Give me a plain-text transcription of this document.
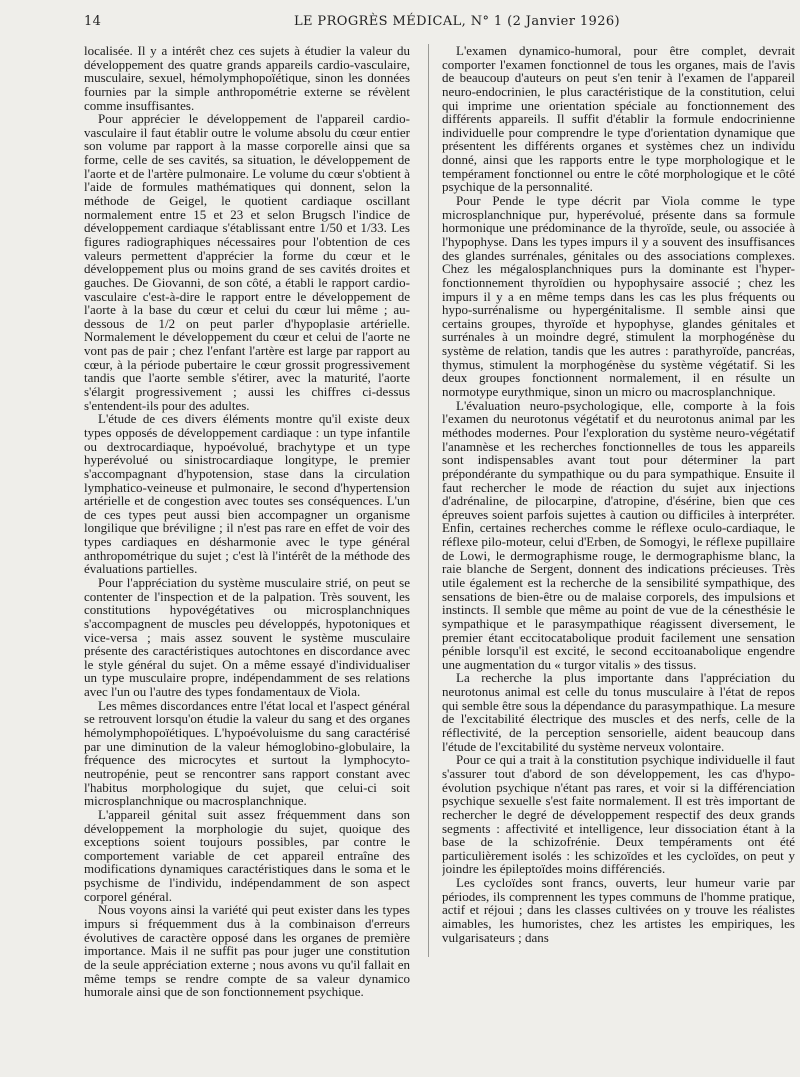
14	LE PROGRÈS MÉDICAL, N° 1 (2 Janvier 1926)

localisée. Il y a intérêt chez ces sujets à étudier la valeur du développement des quatre grands appareils cardio-vasculaire, musculaire, sexuel, hémolymphopoïétique, sinon les données fournies par la simple anthropométrie externe se révèlent comme insuffisantes.

Pour apprécier le développement de l'appareil cardio-vasculaire il faut établir outre le volume absolu du cœur entier son volume par rapport à la masse corporelle ainsi que sa forme, celle de ses cavités, sa situation, le développement de l'aorte et de l'artère pulmonaire. Le volume du cœur s'obtient à l'aide de formules mathématiques qui donnent, selon la méthode de Geigel, le quotient cardiaque oscillant normalement entre 15 et 23 et selon Brugsch l'indice de développement cardiaque s'établissant entre 1/50 et 1/33. Les figures radiographiques nécessaires pour l'obtention de ces valeurs permettent d'apprécier la forme du cœur et le développement plus ou moins grand de ses cavités droites et gauches. De Giovanni, de son côté, a établi le rapport cardio-vasculaire c'est-à-dire le rapport entre le développement de l'aorte à la base du cœur et celui du cœur lui même ; au-dessous de 1/2 on peut parler d'hypoplasie artérielle. Normalement le développement du cœur et celui de l'aorte ne vont pas de pair ; chez l'enfant l'artère est large par rapport au cœur, à la période pubertaire le cœur grossit progressivement tandis que l'aorte semble s'étirer, avec la maturité, l'aorte s'élargit progressivement ; aussi les chiffres ci-dessus s'entendent-ils pour des adultes.

L'étude de ces divers éléments montre qu'il existe deux types opposés de développement cardiaque : un type infantile ou dextrocardiaque, hypoévolué, brachytype et un type hyperévolué ou sinistrocardiaque longitype, le premier s'accompagnant d'hypotension, stase dans la circulation lymphatico-veineuse et pulmonaire, le second d'hypertension artérielle et de congestion avec toutes ses conséquences. L'un de ces types peut aussi bien accompagner un organisme longilique que bréviligne ; il n'est pas rare en effet de voir des types cardiaques en désharmonie avec le type général anthropométrique du sujet ; c'est là l'intérêt de la méthode des évaluations partielles.

Pour l'appréciation du système musculaire strié, on peut se contenter de l'inspection et de la palpation. Très souvent, les constitutions hypovégétatives ou microsplanchniques s'accompagnent de muscles peu développés, hypotoniques et vice-versa ; mais assez souvent le système musculaire présente des caractéristiques autochtones en discordance avec le style général du sujet. On a même essayé d'individualiser un type musculaire propre, indépendamment de ses relations avec l'un ou l'autre des types fondamentaux de Viola.

Les mêmes discordances entre l'état local et l'aspect général se retrouvent lorsqu'on étudie la valeur du sang et des organes hémolymphopoïétiques. L'hypoévoluisme du sang caractérisé par une diminution de la valeur hémoglobino-globulaire, la fréquence des microcytes et surtout la lymphocyto-neutropénie, peut se rencontrer sans rapport constant avec l'habitus morphologique du sujet, que celui-ci soit microsplanchnique ou macrosplanchnique.

L'appareil génital suit assez fréquemment dans son développement la morphologie du sujet, quoique des exceptions soient toujours possibles, par contre le comportement variable de cet appareil entraîne des modifications dynamiques caractéristiques dans le soma et le psychisme de l'individu, indépendamment de son aspect corporel général.

Nous voyons ainsi la variété qui peut exister dans les types impurs si fréquemment dus à la combinaison d'erreurs évolutives de caractère opposé dans les organes de première importance. Mais il ne suffit pas pour juger une constitution de la seule appréciation externe ; nous avons vu qu'il fallait en même temps se rendre compte de sa valeur dynamico humorale ainsi que de son fonctionnement psychique.

L'examen dynamico-humoral, pour être complet, devrait comporter l'examen fonctionnel de tous les organes, mais de l'avis de beaucoup d'auteurs on peut s'en tenir à l'examen de l'appareil neuro-endocrinien, le plus caractéristique de la constitution, celui qui imprime une orientation spéciale au fonctionnement des différents appareils. Il suffit d'établir la formule endocrinienne individuelle pour comprendre le type d'orientation dynamique que présentent les différents organes et systèmes chez un individu donné, ainsi que les rapports entre le type morphologique et le tempérament fonctionnel ou entre le côté morphologique et le côté psychique de la personnalité.

Pour Pende le type décrit par Viola comme le type microsplanchnique pur, hyperévolué, présente dans sa formule hormonique une prédominance de la thyroïde, seule, ou associée à l'hypophyse. Dans les types impurs il y a souvent des insuffisances des glandes surrénales, génitales ou des associations complexes. Chez les mégalosplanchniques purs la dominante est l'hyper-fonctionnement thyroïdien ou hypophysaire associé ; chez les impurs il y a en même temps dans les cas les plus fréquents ou hypo-surrénalisme ou hypergénitalisme. Il semble ainsi que certains groupes, thyroïde et hypophyse, glandes génitales et surrénales à un moindre degré, stimulent la morphogénèse du système de relation, tandis que les autres : parathyroïde, pancréas, thymus, stimulent la morphogénèse du système végétatif. Si les deux groupes fonctionnent normalement, il en résulte un normotype eurythmique, sinon un micro ou macrosplanchnique.

L'évaluation neuro-psychologique, elle, comporte à la fois l'examen du neurotonus végétatif et du neurotonus animal par les méthodes modernes. Pour l'exploration du système neuro-végétatif l'anamnèse et les recherches fonctionnelles de tous les appareils sont indispensables avant tout pour déterminer la part prépondérante du sympathique ou du para sympathique. Ensuite il faut rechercher le mode de réaction du sujet aux injections d'adrénaline, de pilocarpine, d'atropine, d'ésérine, bien que ces épreuves soient parfois sujettes à caution ou difficiles à interpréter. Enfin, certaines recherches comme le réflexe oculo-cardiaque, le réflexe pilo-moteur, celui d'Erben, de Somogyi, le réflexe pupillaire de Lowi, le dermographisme rouge, le dermographisme blanc, la raie blanche de Sergent, donnent des indications précieuses. Très utile également est la recherche de la sensibilité sympathique, des sensations de bien-être ou de malaise corporels, des impulsions et instincts. Il semble que même au point de vue de la cénesthésie le sympathique et le parasympathique réagissent diversement, le premier étant eccitocatabolique produit facilement une sensation pénible lorsqu'il est excité, le second eccitoanabolique engendre une augmentation du « turgor vitalis » des tissus.

La recherche la plus importante dans l'appréciation du neurotonus animal est celle du tonus musculaire à l'état de repos qui semble être sous la dépendance du parasympathique. La mesure de l'excitabilité électrique des muscles et des nerfs, celle de la réflectivité, de la perception sensorielle, aident beaucoup dans l'étude de l'excitabilité du système nerveux volontaire.

Pour ce qui a trait à la constitution psychique individuelle il faut s'assurer tout d'abord de son développement, les cas d'hypo-évolution psychique n'étant pas rares, et voir si la différenciation psychique sexuelle s'est faite normalement. Il est très important de rechercher le degré de développement respectif des deux grands segments : affectivité et intelligence, leur dissociation étant à la base de la schizofrénie. Deux tempéraments ont été particulièrement isolés : les schizoïdes et les cycloïdes, on peut y joindre les épileptoïdes moins différenciés.

Les cycloïdes sont francs, ouverts, leur humeur varie par périodes, ils comprennent les types communs de l'homme pratique, actif et réjoui ; dans les classes cultivées on y trouve les réalistes aimables, les humoristes, chez les artistes les empiriques, les vulgarisateurs ; dans
